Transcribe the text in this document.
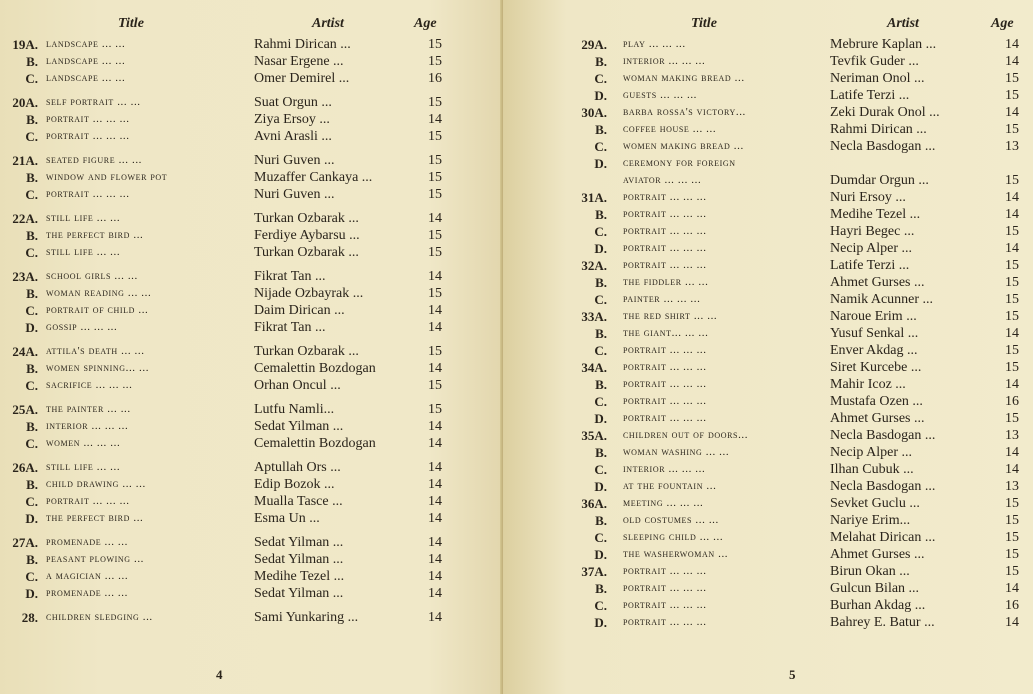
Title	Artist	Age
19A. landscape ... ...	Rahmi Dirican ...	15
B. landscape ... ...	Nasar Ergene ...	15
C. landscape ... ...	Omer Demirel ...	16
20A. self portrait ... ...	Suat Orgun ...	15
B. portrait ... ... ...	Ziya Ersoy ...	14
C. portrait ... ... ...	Avni Arasli ...	15
21A. seated figure ... ...	Nuri Guven ...	15
B. window and flower pot	Muzaffer Cankaya ...	15
C. portrait ... ... ...	Nuri Guven ...	15
22A. still life ... ...	Turkan Ozbarak ...	14
B. the perfect bird ...	Ferdiye Aybarsu ...	15
C. still life ... ...	Turkan Ozbarak ...	15
23A. school girls ... ...	Fikrat Tan ...	14
B. woman reading ... ...	Nijade Ozbayrak ...	15
C. portrait of child ...	Daim Dirican ...	14
D. gossip ... ... ...	Fikrat Tan ...	14
24A. attila's death ... ...	Turkan Ozbarak ...	15
B. women spinning... ...	Cemalettin Bozdogan	14
C. sacrifice ... ... ...	Orhan Oncul ...	15
25A. the painter ... ...	Lutfu Namli...	15
B. interior ... ... ...	Sedat Yilman ...	14
C. women ... ... ...	Cemalettin Bozdogan	14
26A. still life ... ...	Aptullah Ors ...	14
B. child drawing ... ...	Edip Bozok ...	14
C. portrait ... ... ...	Mualla Tasce ...	14
D. the perfect bird ...	Esma Un ...	14
27A. promenade ... ...	Sedat Yilman ...	14
B. peasant plowing ...	Sedat Yilman ...	14
C. a magician ... ...	Medihe Tezel ...	14
D. promenade ... ...	Sedat Yilman ...	14
28. children sledging ...	Sami Yunkaring ...	14
4
Title	Artist	Age
29A. play ... ... ...	Mebrure Kaplan ...	14
B. interior ... ... ...	Tevfik Guder ...	14
C. woman making bread ...	Neriman Onol ...	15
D. guests ... ... ...	Latife Terzi ...	15
30A. barba rossa's victory...	Zeki Durak Onol ...	14
B. coffee house ... ...	Rahmi Dirican ...	15
C. women making bread ...	Necla Basdogan ...	13
D. ceremony for foreign
aviator ... ... ...	Dumdar Orgun ...	15
31A. portrait ... ... ...	Nuri Ersoy ...	14
B. portrait ... ... ...	Medihe Tezel ...	14
C. portrait ... ... ...	Hayri Begec ...	15
D. portrait ... ... ...	Necip Alper ...	14
32A. portrait ... ... ...	Latife Terzi ...	15
B. the fiddler ... ...	Ahmet Gurses ...	15
C. painter ... ... ...	Namik Acunner ...	15
33A. the red shirt ... ...	Naroue Erim ...	15
B. the giant... ... ...	Yusuf Senkal ...	14
C. portrait ... ... ...	Enver Akdag ...	15
34A. portrait ... ... ...	Siret Kurcebe ...	15
B. portrait ... ... ...	Mahir Icoz ...	14
C. portrait ... ... ...	Mustafa Ozen ...	16
D. portrait ... ... ...	Ahmet Gurses ...	15
35A. children out of doors...	Necla Basdogan ...	13
B. woman washing ... ...	Necip Alper ...	14
C. interior ... ... ...	Ilhan Cubuk ...	14
D. at the fountain ...	Necla Basdogan ...	13
36A. meeting ... ... ...	Sevket Guclu ...	15
B. old costumes ... ...	Nariye Erim...	15
C. sleeping child ... ...	Melahat Dirican ...	15
D. the washerwoman ...	Ahmet Gurses ...	15
37A. portrait ... ... ...	Birun Okan ...	15
B. portrait ... ... ...	Gulcun Bilan ...	14
C. portrait ... ... ...	Burhan Akdag ...	16
D. portrait ... ... ...	Bahrey E. Batur ...	14
5
